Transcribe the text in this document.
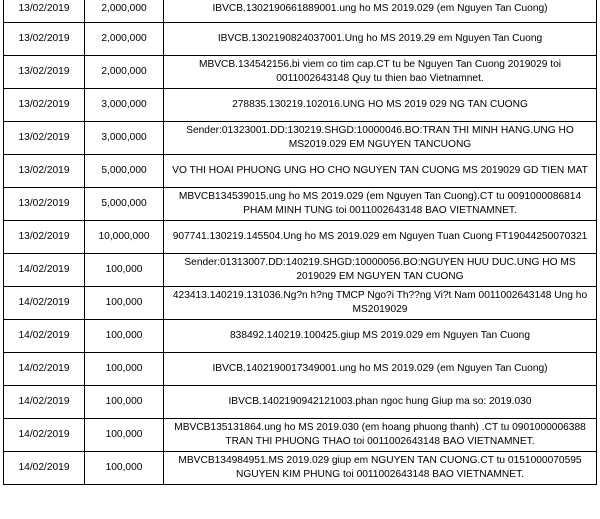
13/02/2019	2,000,000	IBVCB.1302190661889001.ung ho MS 2019.029 (em Nguyen Tan Cuong)
13/02/2019	2,000,000	IBVCB.1302190824037001.Ung ho MS 2019.29 em Nguyen Tan Cuong
13/02/2019	2,000,000	MBVCB.134542156.bi viem co tim cap.CT tu be Nguyen Tan Cuong 2019029 toi 0011002643148 Quy tu thien bao Vietnamnet.
13/02/2019	3,000,000	278835.130219.102016.UNG HO MS 2019 029 NG TAN CUONG
13/02/2019	3,000,000	Sender:01323001.DD:130219.SHGD:10000046.BO:TRAN THI MINH HANG.UNG HO MS2019.029 EM NGUYEN TANCUONG
13/02/2019	5,000,000	VO THI HOAI PHUONG UNG HO CHO NGUYEN TAN CUONG MS 2019029 GD TIEN MAT
13/02/2019	5,000,000	MBVCB134539015.ung ho MS 2019.029 (em Nguyen Tan Cuong).CT tu 0091000086814 PHAM MINH TUNG toi 0011002643148 BAO VIETNAMNET.
13/02/2019	10,000,000	907741.130219.145504.Ung ho MS 2019.029 em Nguyen Tuan Cuong FT19044250070321
14/02/2019	100,000	Sender:01313007.DD:140219.SHGD:10000056.BO:NGUYEN HUU DUC.UNG HO MS 2019029 EM NGUYEN TAN CUONG
14/02/2019	100,000	423413.140219.131036.Ng?n h?ng TMCP Ngo?i Th??ng Vi?t Nam 0011002643148 Ung ho MS2019029
14/02/2019	100,000	838492.140219.100425.giup MS 2019.029 em Nguyen Tan Cuong
14/02/2019	100,000	IBVCB.1402190017349001.ung ho MS 2019.029 (em Nguyen Tan Cuong)
14/02/2019	100,000	IBVCB.1402190942121003.phan ngoc hung Giup ma so: 2019.030
14/02/2019	100,000	MBVCB135131864.ung ho MS 2019.030 (em hoang phuong thanh) .CT tu 0901000006388 TRAN THI PHUONG THAO toi 0011002643148 BAO VIETNAMNET.
14/02/2019	100,000	MBVCB134984951.MS 2019.029 giup em NGUYEN TAN CUONG.CT tu 0151000070595 NGUYEN KIM PHUNG toi 0011002643148 BAO VIETNAMNET.
